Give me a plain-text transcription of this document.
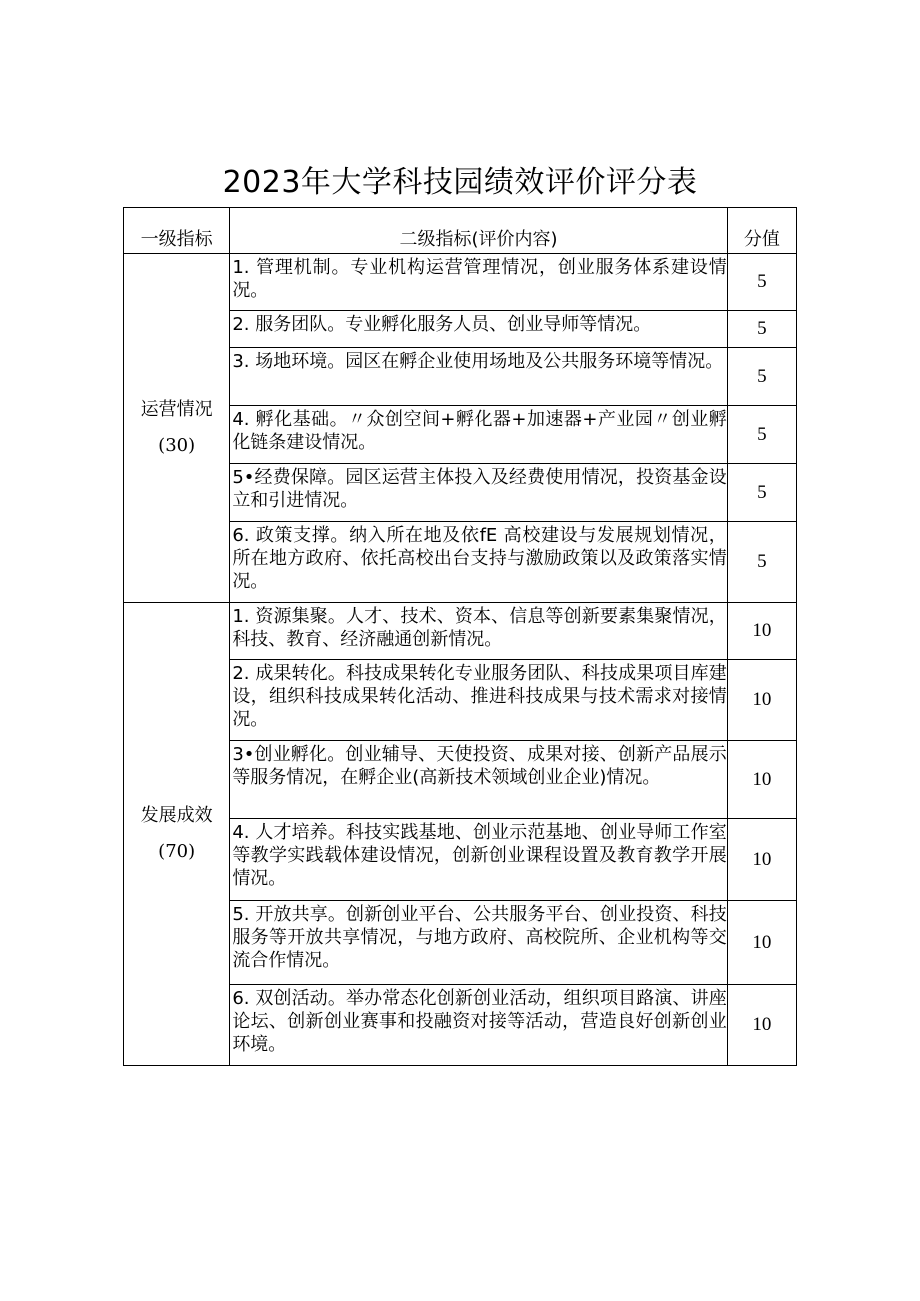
2023年大学科技园绩效评价评分表
一级指标	二级指标(评价内容)	分值

运营情况
(30)	1. 管理机制。专业机构运营管理情况，创业服务体系建设情况。	5
	2. 服务团队。专业孵化服务人员、创业导师等情况。	5
	3. 场地环境。园区在孵企业使用场地及公共服务环境等情况。	5
	4. 孵化基础。〃众创空间+孵化器+加速器+产业园〃创业孵化链条建设情况。	5
	5•经费保障。园区运营主体投入及经费使用情况，投资基金设立和引进情况。	5
	6. 政策支撑。纳入所在地及依fE 高校建设与发展规划情况，所在地方政府、依托高校出台支持与激励政策以及政策落实情况。	5

发展成效
(70)	1. 资源集聚。人才、技术、资本、信息等创新要素集聚情况，科技、教育、经济融通创新情况。	10
	2. 成果转化。科技成果转化专业服务团队、科技成果项目库建设，组织科技成果转化活动、推进科技成果与技术需求对接情况。	10
	3•创业孵化。创业辅导、天使投资、成果对接、创新产品展示等服务情况，在孵企业(高新技术领域创业企业)情况。	10
	4. 人才培养。科技实践基地、创业示范基地、创业导师工作室等教学实践载体建设情况，创新创业课程设置及教育教学开展情况。	10
	5. 开放共享。创新创业平台、公共服务平台、创业投资、科技服务等开放共享情况，与地方政府、高校院所、企业机构等交流合作情况。	10
	6. 双创活动。举办常态化创新创业活动，组织项目路演、讲座论坛、创新创业赛事和投融资对接等活动，营造良好创新创业环境。	10
